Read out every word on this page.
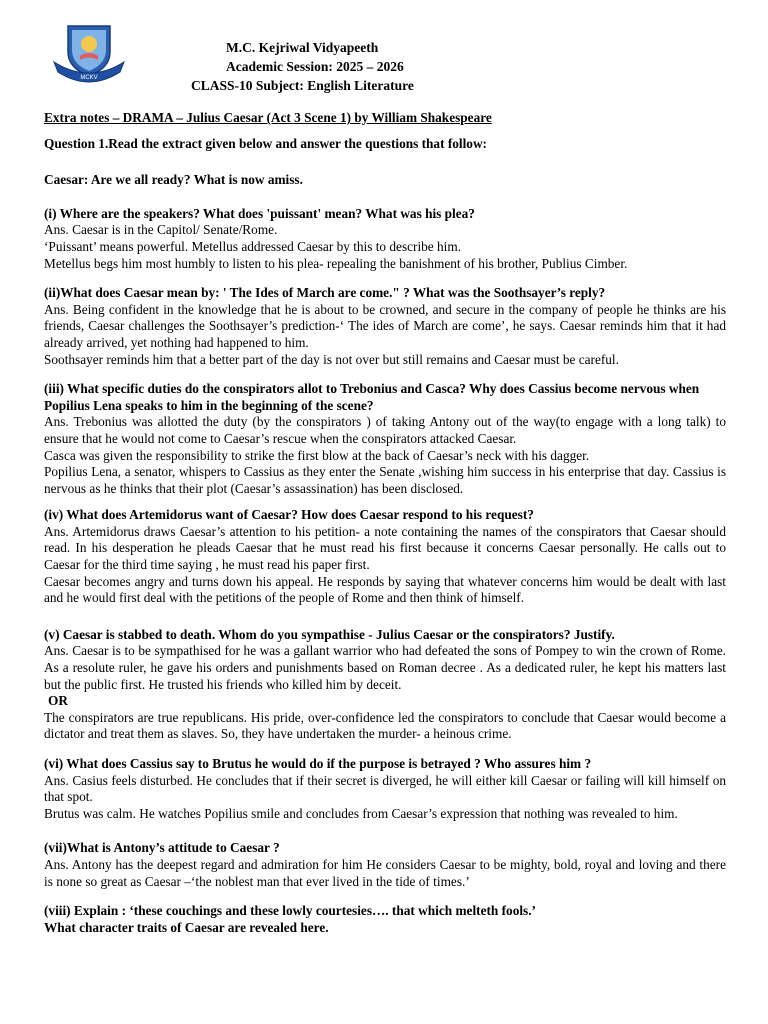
MCKV
M.C. Kejriwal Vidyapeeth
Academic Session: 2025 – 2026
CLASS-10 Subject: English Literature

Extra notes – DRAMA – Julius Caesar (Act 3 Scene 1) by William Shakespeare

Question 1.Read the extract given below and answer the questions that follow:

Caesar: Are we all ready? What is now amiss.

(i) Where are the speakers? What does 'puissant' mean? What was his plea?

Ans. Caesar is in the Capitol/ Senate/Rome.

‘Puissant’ means powerful. Metellus addressed Caesar by this to describe him.

Metellus begs him most humbly to listen to his plea- repealing the banishment of his brother, Publius Cimber.

(ii)What does Caesar mean by: ' The Ides of March are come." ? What was the Soothsayer’s reply?

Ans. Being confident in the knowledge that he is about to be crowned, and secure in the company of people he thinks are his friends, Caesar challenges the Soothsayer’s prediction-‘ The ides of March are come’, he says. Caesar reminds him that it had already arrived, yet nothing had happened to him.

Soothsayer reminds him that a better part of the day is not over but still remains and Caesar must be careful.

(iii) What specific duties do the conspirators allot to Trebonius and Casca? Why does Cassius become nervous when Popilius Lena speaks to him in the beginning of the scene?

Ans. Trebonius was allotted the duty (by the conspirators ) of taking Antony out of the way(to engage with a long talk) to ensure that he would not come to Caesar’s rescue when the conspirators attacked Caesar.

Casca was given the responsibility to strike the first blow at the back of Caesar’s neck with his dagger.

Popilius Lena, a senator, whispers to Cassius as they enter the Senate ,wishing him success in his enterprise that day. Cassius is nervous as he thinks that their plot (Caesar’s assassination) has been disclosed.

(iv) What does Artemidorus want of Caesar? How does Caesar respond to his request?

Ans. Artemidorus draws Caesar’s attention to his petition- a note containing the names of the conspirators that Caesar should read. In his desperation he pleads Caesar that he must read his first because it concerns Caesar personally. He calls out to Caesar for the third time saying , he must read his paper first.

Caesar becomes angry and turns down his appeal. He responds by saying that whatever concerns him would be dealt with last and he would first deal with the petitions of the people of Rome and then think of himself.

(v) Caesar is stabbed to death. Whom do you sympathise - Julius Caesar or the conspirators? Justify.

Ans. Caesar is to be sympathised for he was a gallant warrior who had defeated the sons of Pompey to win the crown of Rome. As a resolute ruler, he gave his orders and punishments based on Roman decree . As a dedicated ruler, he kept his matters last but the public first. He trusted his friends who killed him by deceit.

OR

The conspirators are true republicans. His pride, over-confidence led the conspirators to conclude that Caesar would become a dictator and treat them as slaves. So, they have undertaken the murder- a heinous crime.

(vi) What does Cassius say to Brutus he would do if the purpose is betrayed ? Who assures him ?

Ans. Casius feels disturbed. He concludes that if their secret is diverged, he will either kill Caesar or failing will kill himself on that spot.

Brutus was calm. He watches Popilius smile and concludes from Caesar’s expression that nothing was revealed to him.

(vii)What is Antony’s attitude to Caesar ?

Ans. Antony has the deepest regard and admiration for him He considers Caesar to be mighty, bold, royal and loving and there is none so great as Caesar –‘the noblest man that ever lived in the tide of times.’

(viii) Explain : ‘these couchings and these lowly courtesies…. that which melteth fools.’

What character traits of Caesar are revealed here.
